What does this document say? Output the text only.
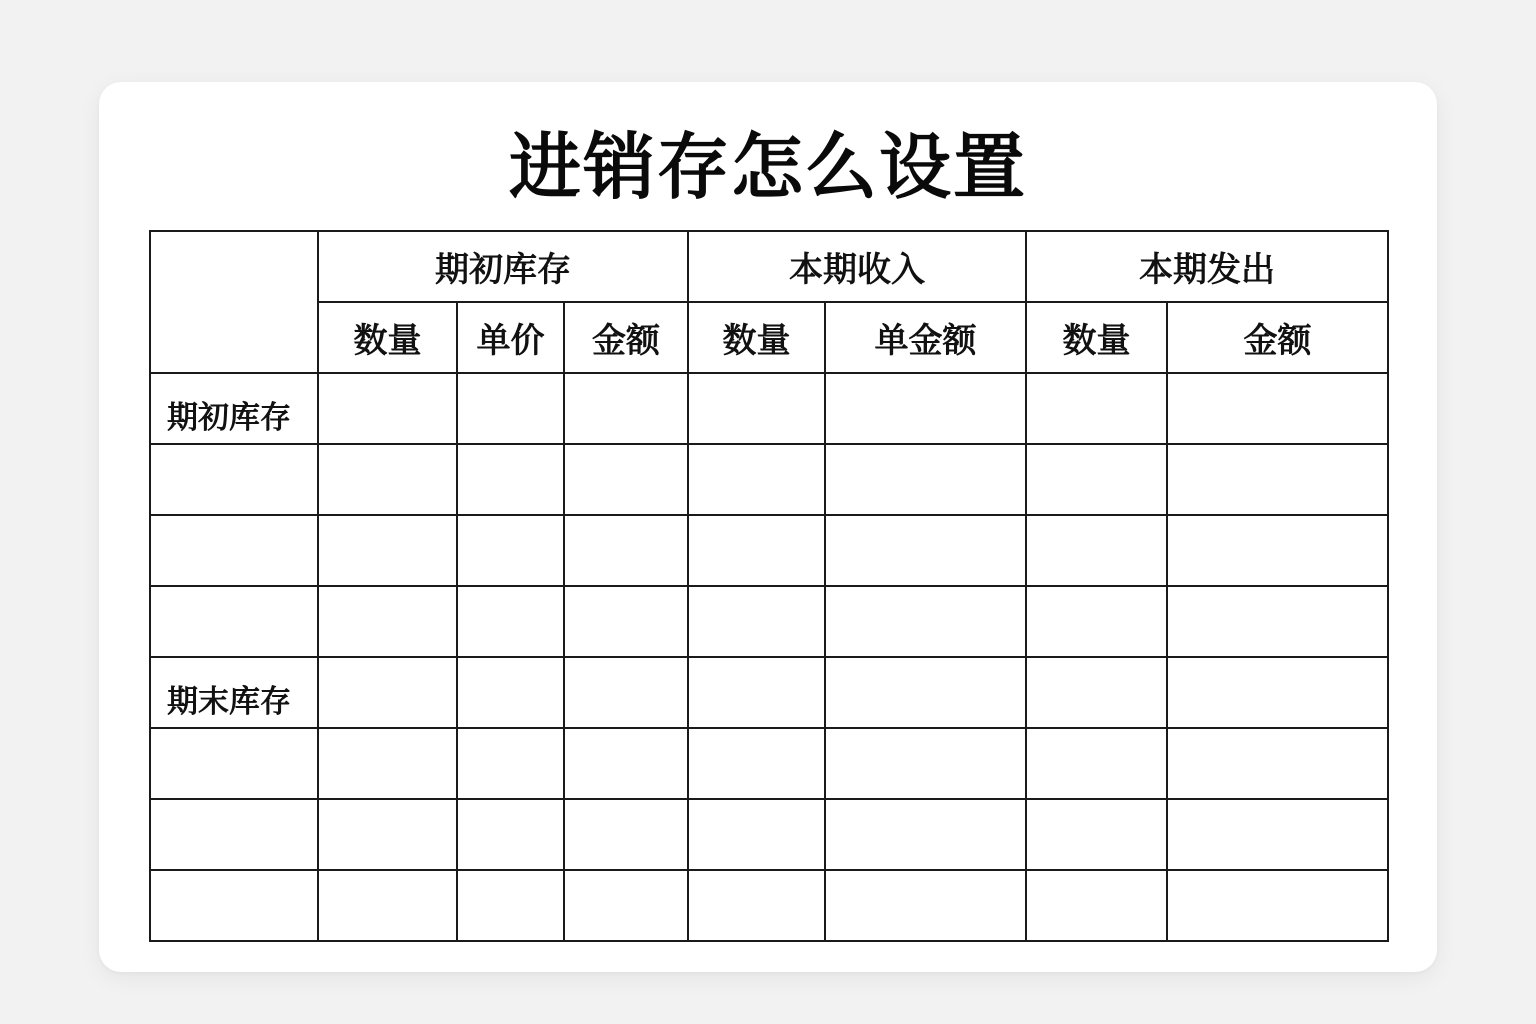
进销存怎么设置
	期初库存			本期收入		本期发出	
	数量	单价	金额	数量	单金额	数量	金额
期初库存							

期末库存							
